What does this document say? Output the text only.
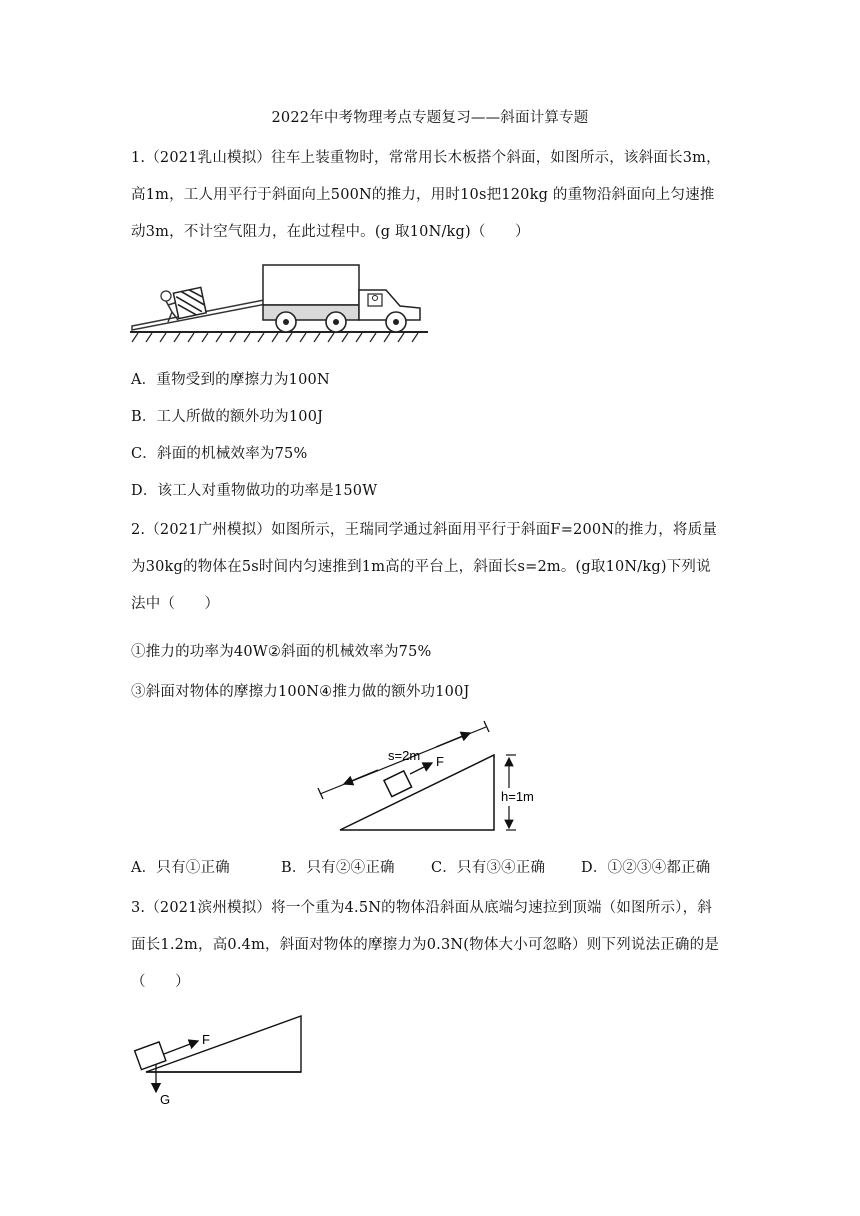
2022年中考物理考点专题复习——斜面计算专题
1.（2021乳山模拟）往车上装重物时，常常用长木板搭个斜面，如图所示，该斜面长3m，
高1m，工人用平行于斜面向上500N的推力，用时10s把120kg 的重物沿斜面向上匀速推
动3m，不计空气阻力，在此过程中。(g 取10N/kg)（　　）
A．重物受到的摩擦力为100N
B．工人所做的额外功为100J
C．斜面的机械效率为75%
D．该工人对重物做功的功率是150W
2.（2021广州模拟）如图所示，王瑞同学通过斜面用平行于斜面F=200N的推力，将质量
为30kg的物体在5s时间内匀速推到1m高的平台上，斜面长s=2m。(g取10N/kg)下列说
法中（　　）
①推力的功率为40W②斜面的机械效率为75%
③斜面对物体的摩擦力100N④推力做的额外功100J
F
s=2m
h=1m
A．只有①正确	B．只有②④正确 C．只有③④正确 D．①②③④都正确
3.（2021滨州模拟）将一个重为4.5N的物体沿斜面从底端匀速拉到顶端（如图所示），斜
面长1.2m，高0.4m，斜面对物体的摩擦力为0.3N(物体大小可忽略）则下列说法正确的是
（　　）
F
G
